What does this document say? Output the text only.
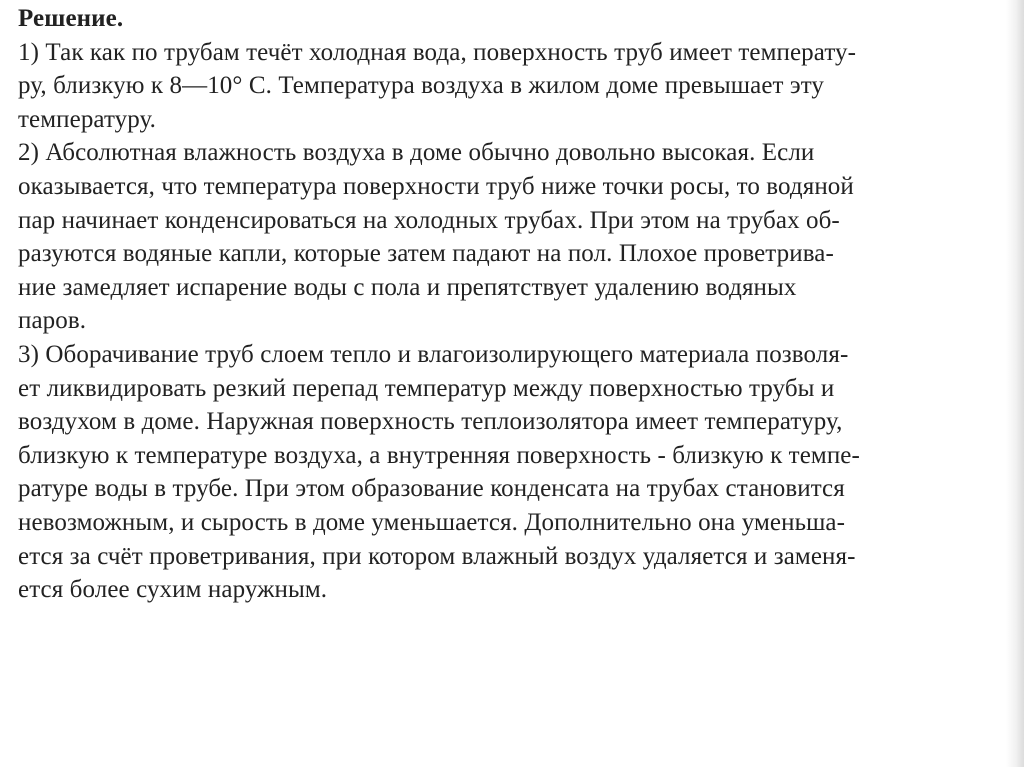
Решение.
1) Так как по трубам течёт холодная вода, поверхность труб имеет температу-
ру, близкую к 8—10° С. Температура воздуха в жилом доме превышает эту
температуру.
2) Абсолютная влажность воздуха в доме обычно довольно высокая. Если
оказывается, что температура поверхности труб ниже точки росы, то водяной
пар начинает конденсироваться на холодных трубах. При этом на трубах об-
разуются водяные капли, которые затем падают на пол. Плохое проветрива-
ние замедляет испарение воды с пола и препятствует удалению водяных
паров.
3) Оборачивание труб слоем тепло и влагоизолирующего материала позволя-
ет ликвидировать резкий перепад температур между поверхностью трубы и
воздухом в доме. Наружная поверхность теплоизолятора имеет температуру,
близкую к температуре воздуха, а внутренняя поверхность - близкую к темпе-
ратуре воды в трубе. При этом образование конденсата на трубах становится
невозможным, и сырость в доме уменьшается. Дополнительно она уменьша-
ется за счёт проветривания, при котором влажный воздух удаляется и заменя-
ется более сухим наружным.
